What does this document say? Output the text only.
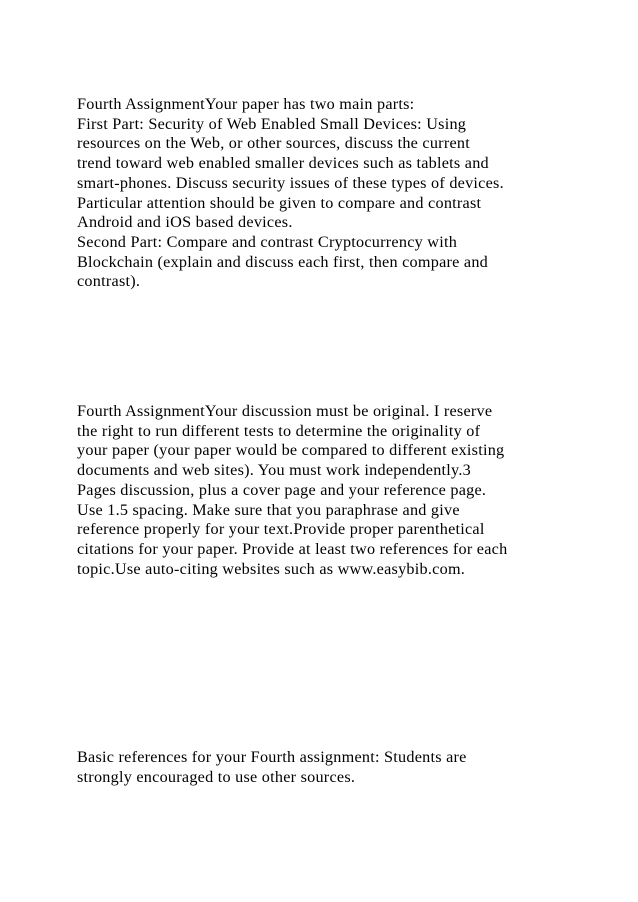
Fourth AssignmentYour paper has two main parts:
First Part: Security of Web Enabled Small Devices: Using
resources on the Web, or other sources, discuss the current
trend toward web enabled smaller devices such as tablets and
smart-phones. Discuss security issues of these types of devices.
Particular attention should be given to compare and contrast
Android and iOS based devices.
Second Part: Compare and contrast Cryptocurrency with
Blockchain (explain and discuss each first, then compare and
contrast).

Fourth AssignmentYour discussion must be original. I reserve
the right to run different tests to determine the originality of
your paper (your paper would be compared to different existing
documents and web sites). You must work independently.3
Pages discussion, plus a cover page and your reference page.
Use 1.5 spacing. Make sure that you paraphrase and give
reference properly for your text.Provide proper parenthetical
citations for your paper. Provide at least two references for each
topic.Use auto-citing websites such as www.easybib.com.

Basic references for your Fourth assignment: Students are
strongly encouraged to use other sources.
